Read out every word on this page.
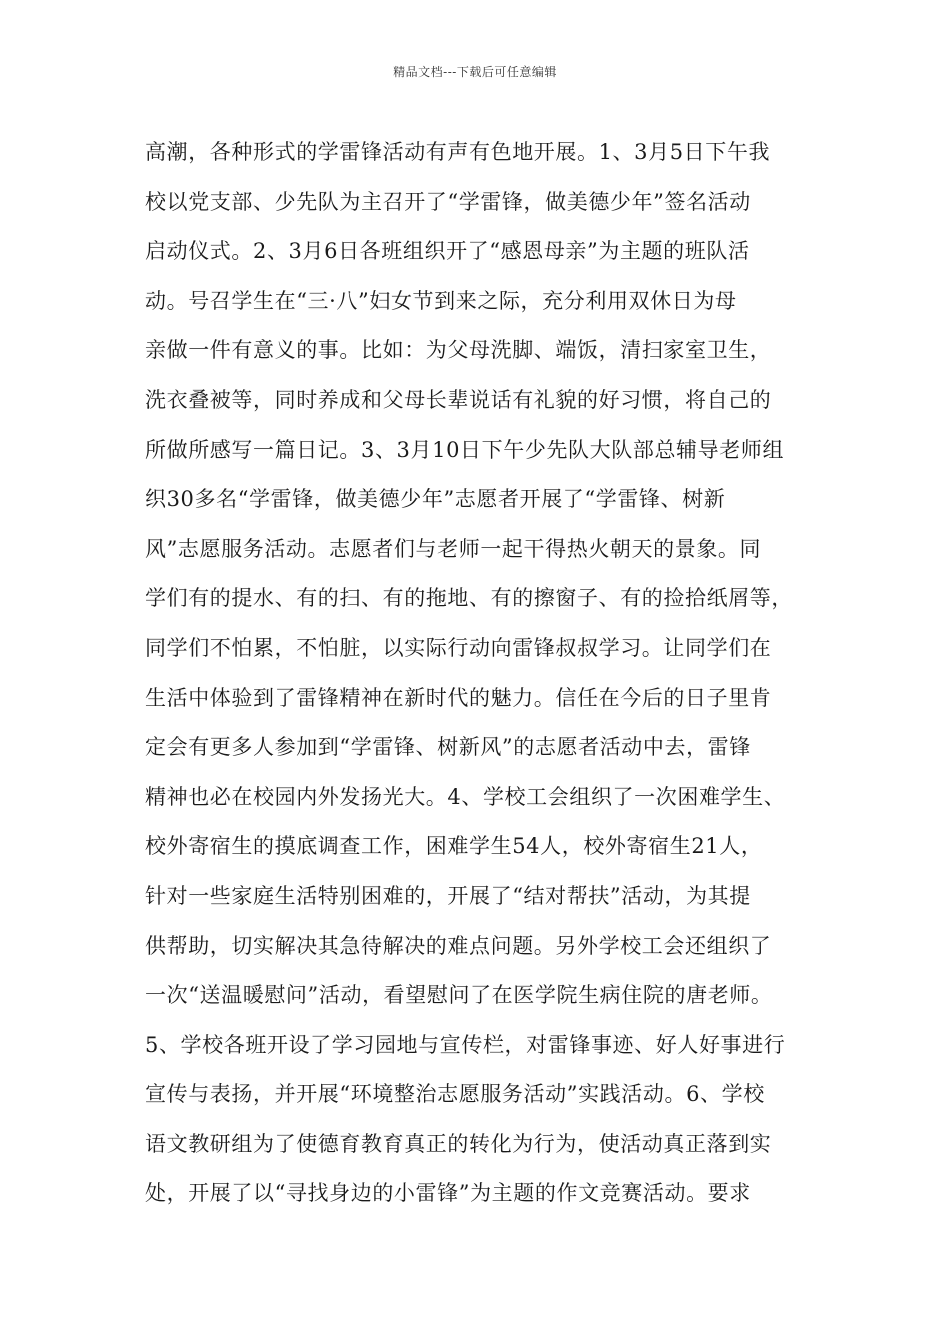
精品文档---下载后可任意编辑
高潮，各种形式的学雷锋活动有声有色地开展。1、3月5日下午我
校以党支部、少先队为主召开了“学雷锋，做美德少年”签名活动
启动仪式。2、3月6日各班组织开了“感恩母亲”为主题的班队活
动。号召学生在“三·八”妇女节到来之际，充分利用双休日为母
亲做一件有意义的事。比如：为父母洗脚、端饭，清扫家室卫生，
洗衣叠被等，同时养成和父母长辈说话有礼貌的好习惯，将自己的
所做所感写一篇日记。3、3月10日下午少先队大队部总辅导老师组
织30多名“学雷锋，做美德少年”志愿者开展了“学雷锋、树新
风”志愿服务活动。志愿者们与老师一起干得热火朝天的景象。同
学们有的提水、有的扫、有的拖地、有的擦窗子、有的捡拾纸屑等，
同学们不怕累，不怕脏，以实际行动向雷锋叔叔学习。让同学们在
生活中体验到了雷锋精神在新时代的魅力。信任在今后的日子里肯
定会有更多人参加到“学雷锋、树新风”的志愿者活动中去，雷锋
精神也必在校园内外发扬光大。4、学校工会组织了一次困难学生、
校外寄宿生的摸底调查工作，困难学生54人，校外寄宿生21人，
针对一些家庭生活特别困难的，开展了“结对帮扶”活动，为其提
供帮助，切实解决其急待解决的难点问题。另外学校工会还组织了
一次“送温暖慰问”活动，看望慰问了在医学院生病住院的唐老师。
5、学校各班开设了学习园地与宣传栏，对雷锋事迹、好人好事进行
宣传与表扬，并开展“环境整治志愿服务活动”实践活动。6、学校
语文教研组为了使德育教育真正的转化为行为，使活动真正落到实
处，开展了以“寻找身边的小雷锋”为主题的作文竞赛活动。要求
